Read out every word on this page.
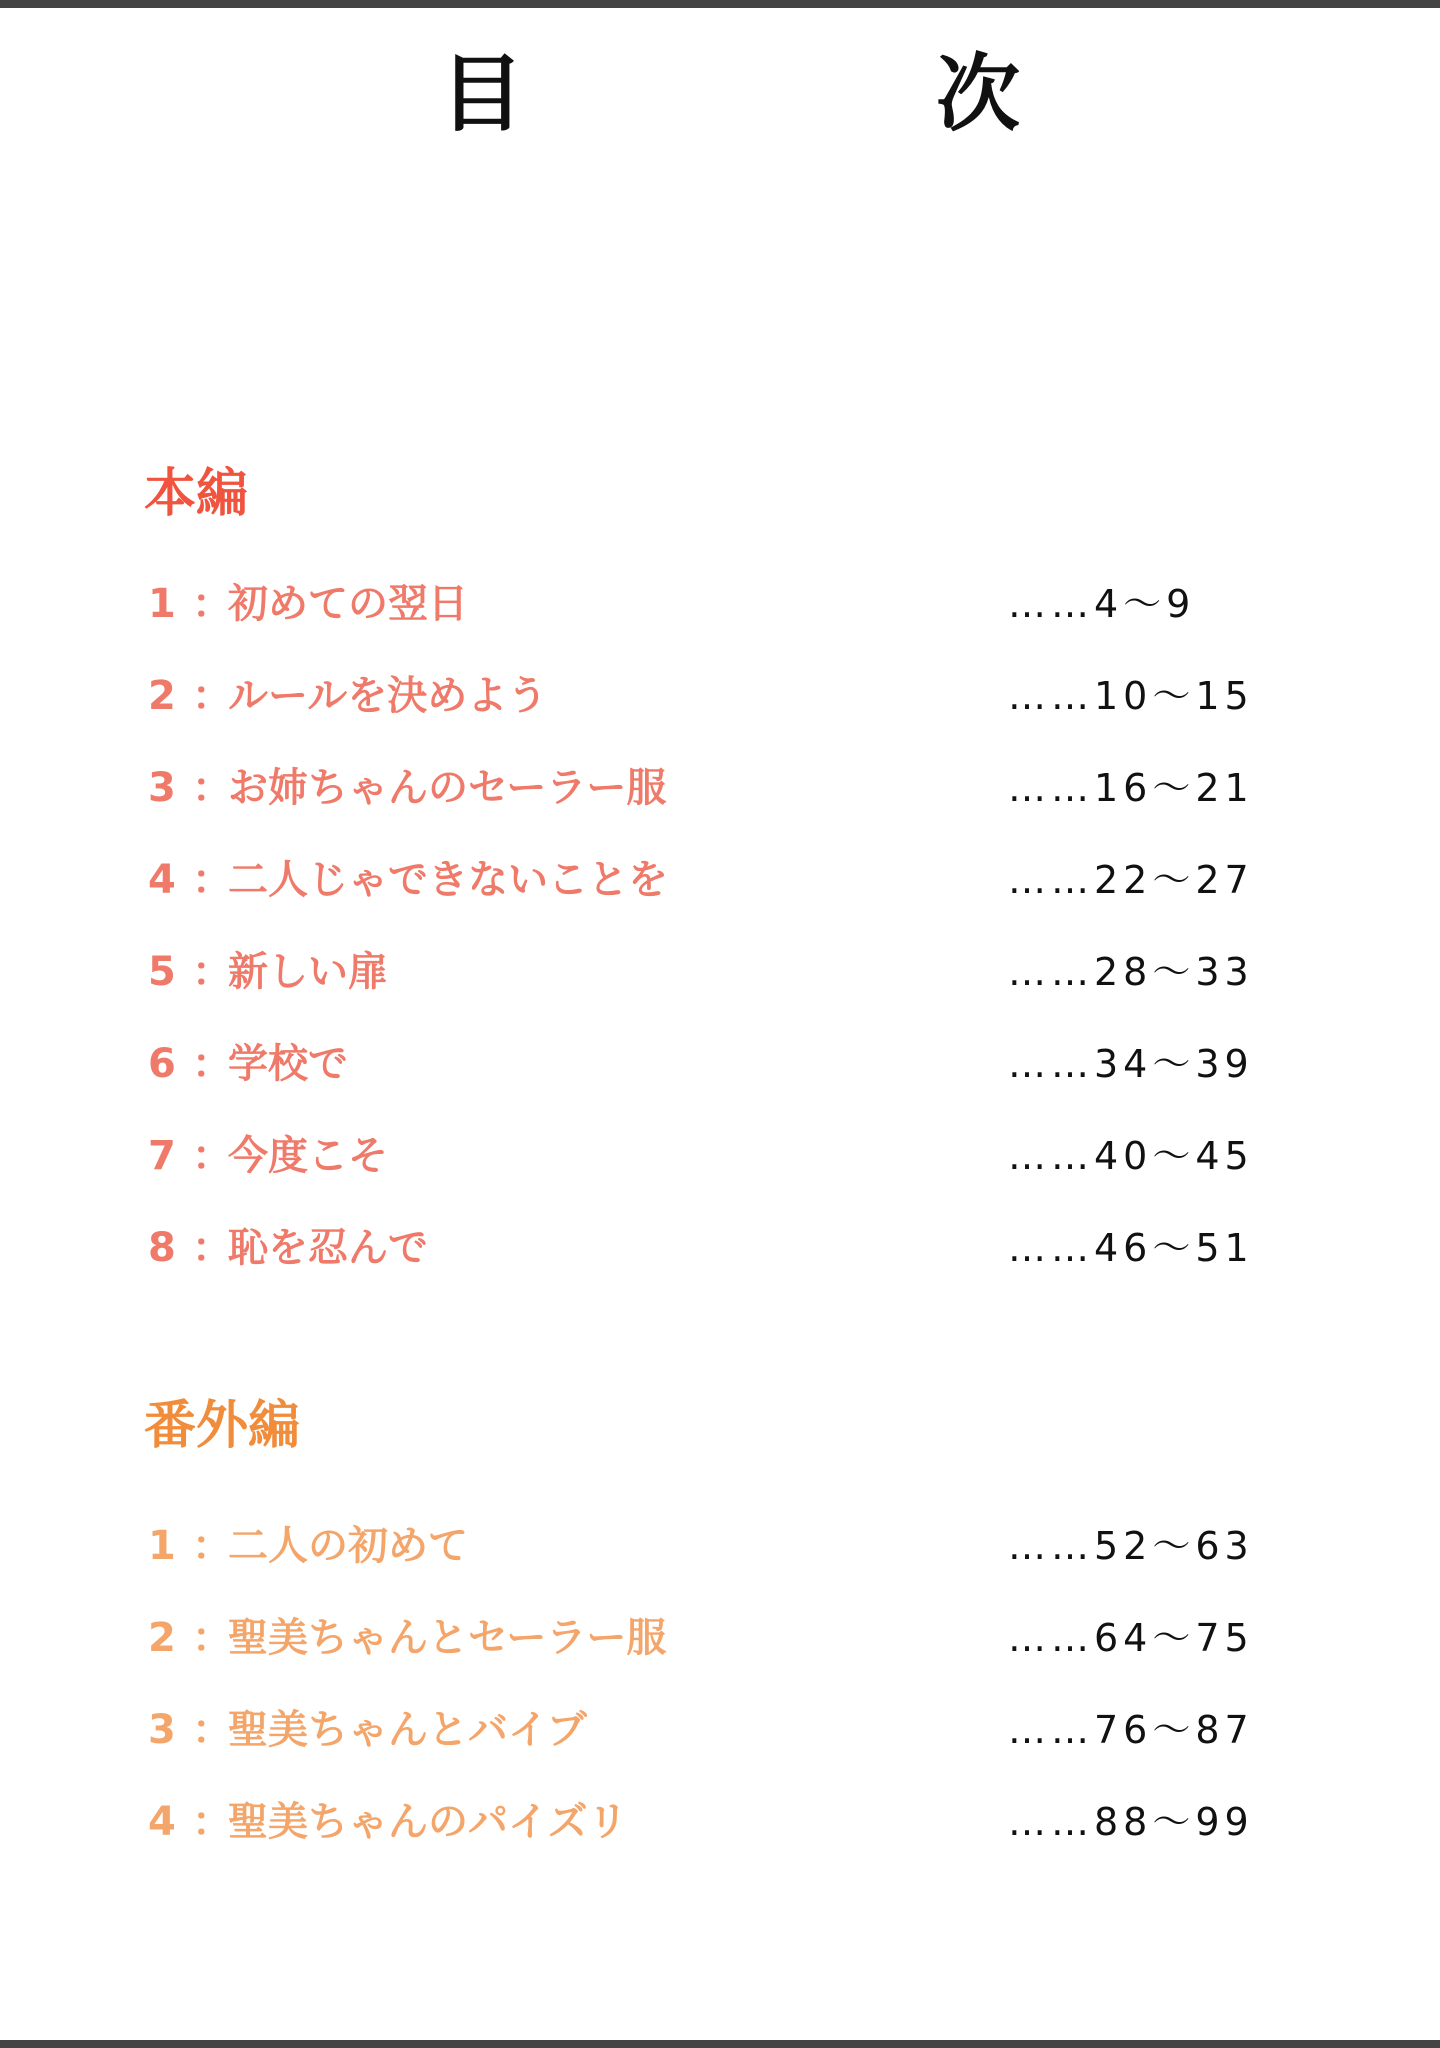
目	次
本編
1 ：
初めての翌日	……4〜9
2 ：
ルールを決めよう	……10〜15
3 ：
お姉ちゃんのセーラー服	……16〜21
4 ：
二人じゃできないことを	……22〜27
5 ：
新しい扉	……28〜33
6 ：
学校で	……34〜39
7 ：
今度こそ	……40〜45
8 ：
恥を忍んで	……46〜51
番外編
1 ：
二人の初めて	……52〜63
2 ：
聖美ちゃんとセーラー服	……64〜75
3 ：
聖美ちゃんとバイブ	……76〜87
4 ：
聖美ちゃんのパイズリ	……88〜99
